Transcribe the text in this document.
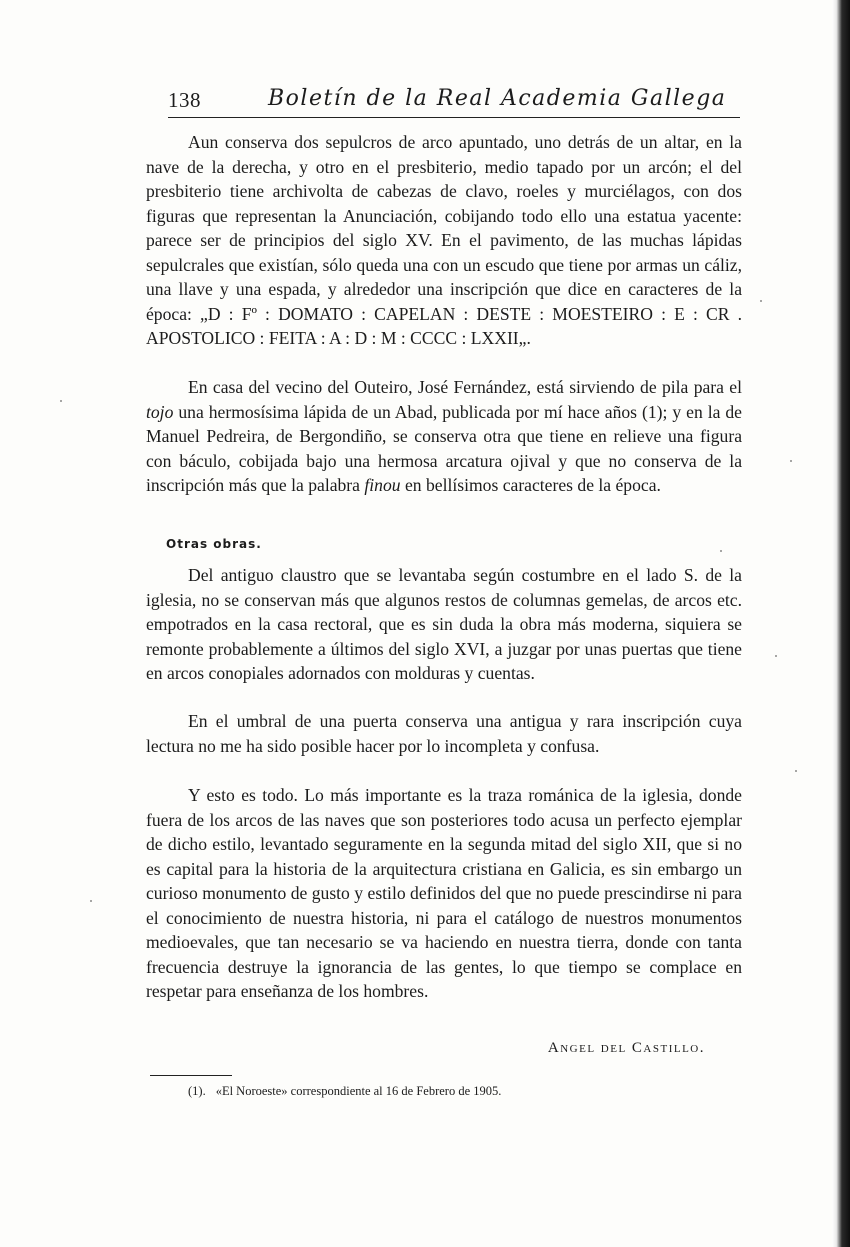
138	Boletín de la Real Academia Gallega

Aun conserva dos sepulcros de arco apuntado, uno detrás de un altar, en la nave de la derecha, y otro en el presbiterio, medio tapado por un arcón; el del presbiterio tiene archivolta de cabezas de clavo, roeles y murciélagos, con dos figuras que representan la Anunciación, cobijando todo ello una estatua yacente: parece ser de principios del siglo XV. En el pavimento, de las muchas lápidas sepulcrales que existían, sólo queda una con un escudo que tiene por armas un cáliz, una llave y una espada, y alrededor una inscripción que dice en caracteres de la época: „D : Fº : DOMATO : CAPELAN : DESTE : MOESTEIRO : E : CR . APOSTOLICO : FEITA : A : D : M : CCCC : LXXII„.

En casa del vecino del Outeiro, José Fernández, está sirviendo de pila para el tojo una hermosísima lápida de un Abad, publicada por mí hace años (1); y en la de Manuel Pedreira, de Bergondiño, se conserva otra que tiene en relieve una figura con báculo, cobijada bajo una hermosa arcatura ojival y que no conserva de la inscripción más que la palabra finou en bellísimos caracteres de la época.

Otras obras.

Del antiguo claustro que se levantaba según costumbre en el lado S. de la iglesia, no se conservan más que algunos restos de columnas gemelas, de arcos etc. empotrados en la casa rectoral, que es sin duda la obra más moderna, siquiera se remonte probablemente a últimos del siglo XVI, a juzgar por unas puertas que tiene en arcos conopiales adornados con molduras y cuentas.

En el umbral de una puerta conserva una antigua y rara inscripción cuya lectura no me ha sido posible hacer por lo incompleta y confusa.

Y esto es todo. Lo más importante es la traza románica de la iglesia, donde fuera de los arcos de las naves que son posteriores todo acusa un perfecto ejemplar de dicho estilo, levantado seguramente en la segunda mitad del siglo XII, que si no es capital para la historia de la arquitectura cristiana en Galicia, es sin embargo un curioso monumento de gusto y estilo definidos del que no puede prescindirse ni para el conocimiento de nuestra historia, ni para el catálogo de nuestros monumentos medioevales, que tan necesario se va haciendo en nuestra tierra, donde con tanta frecuencia destruye la ignorancia de las gentes, lo que tiempo se complace en respetar para enseñanza de los hombres.

Angel del Castillo.
(1). «El Noroeste» correspondiente al 16 de Febrero de 1905.
